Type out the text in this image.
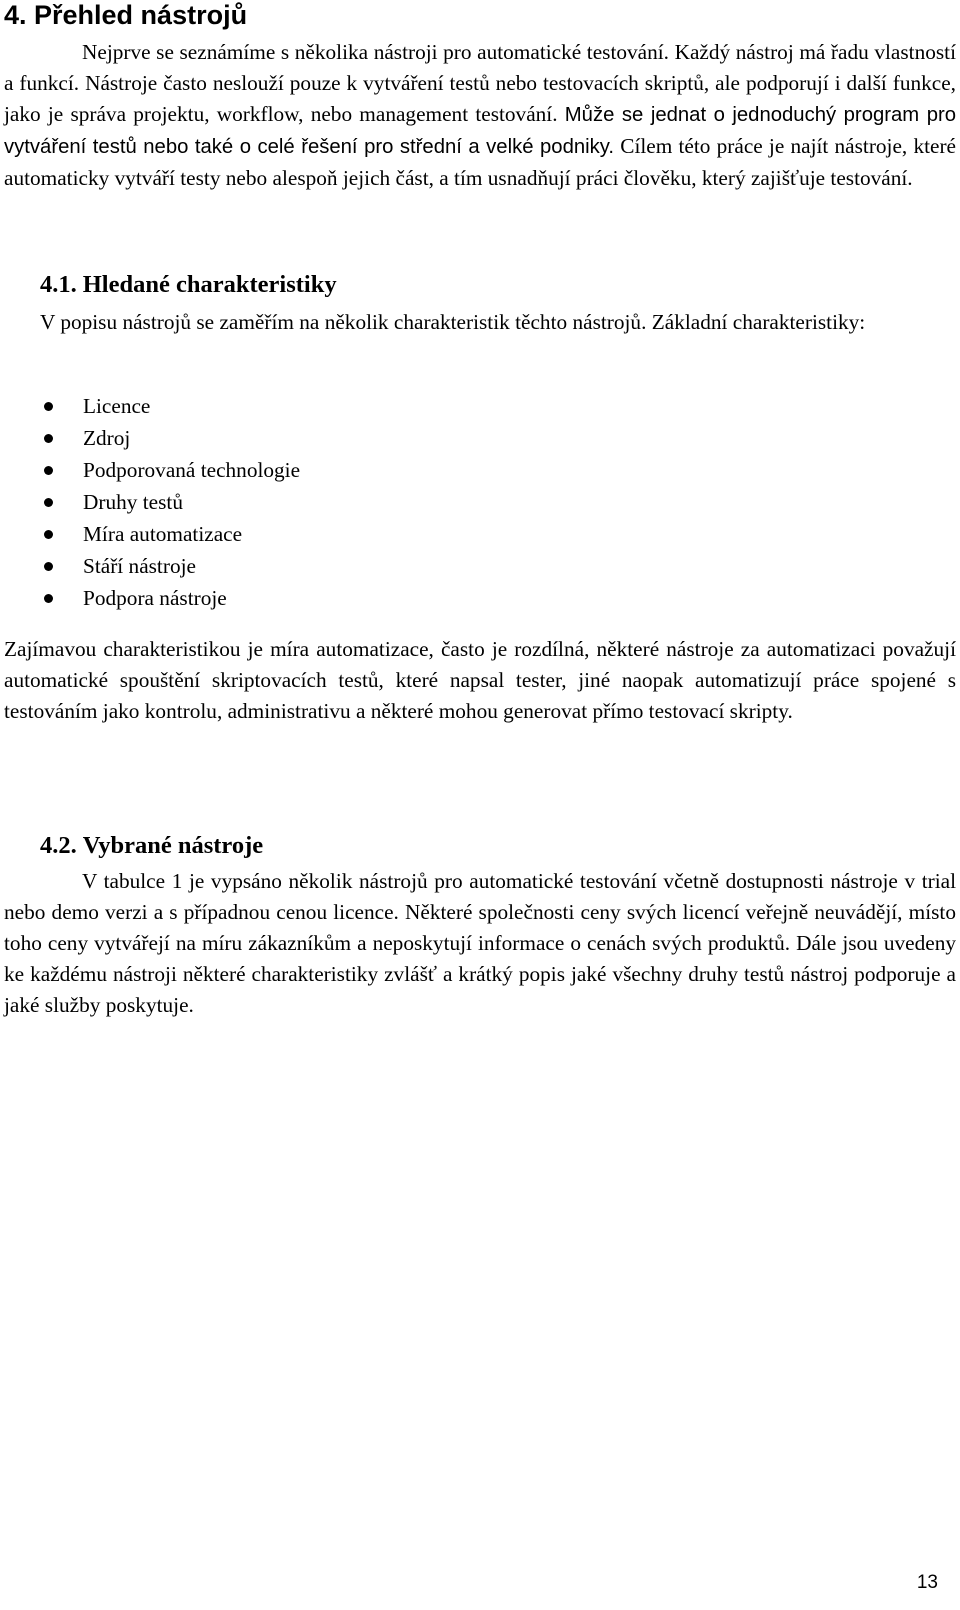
4. Přehled nástrojů

Nejprve se seznámíme s několika nástroji pro automatické testování. Každý nástroj má řadu vlastností a funkcí. Nástroje často neslouží pouze k vytváření testů nebo testovacích skriptů, ale podporují i další funkce, jako je správa projektu, workflow, nebo management testování. Může se jednat o jednoduchý program pro vytváření testů nebo také o celé řešení pro střední a velké podniky. Cílem této práce je najít nástroje, které automaticky vytváří testy nebo alespoň jejich část, a tím usnadňují práci člověku, který zajišťuje testování.

4.1. Hledané charakteristiky

V popisu nástrojů se zaměřím na několik charakteristik těchto nástrojů. Základní charakteristiky:

Licence
Zdroj
Podporovaná technologie
Druhy testů
Míra automatizace
Stáří nástroje
Podpora nástroje

Zajímavou charakteristikou je míra automatizace, často je rozdílná, některé nástroje za automatizaci považují automatické spouštění skriptovacích testů, které napsal tester, jiné naopak automatizují práce spojené s testováním jako kontrolu, administrativu a některé mohou generovat přímo testovací skripty.

4.2. Vybrané nástroje

V tabulce 1 je vypsáno několik nástrojů pro automatické testování včetně dostupnosti nástroje v trial nebo demo verzi a s případnou cenou licence. Některé společnosti ceny svých licencí veřejně neuvádějí, místo toho ceny vytvářejí na míru zákazníkům a neposkytují informace o cenách svých produktů. Dále jsou uvedeny ke každému nástroji některé charakteristiky zvlášť a krátký popis jaké všechny druhy testů nástroj podporuje a jaké služby poskytuje.

13
